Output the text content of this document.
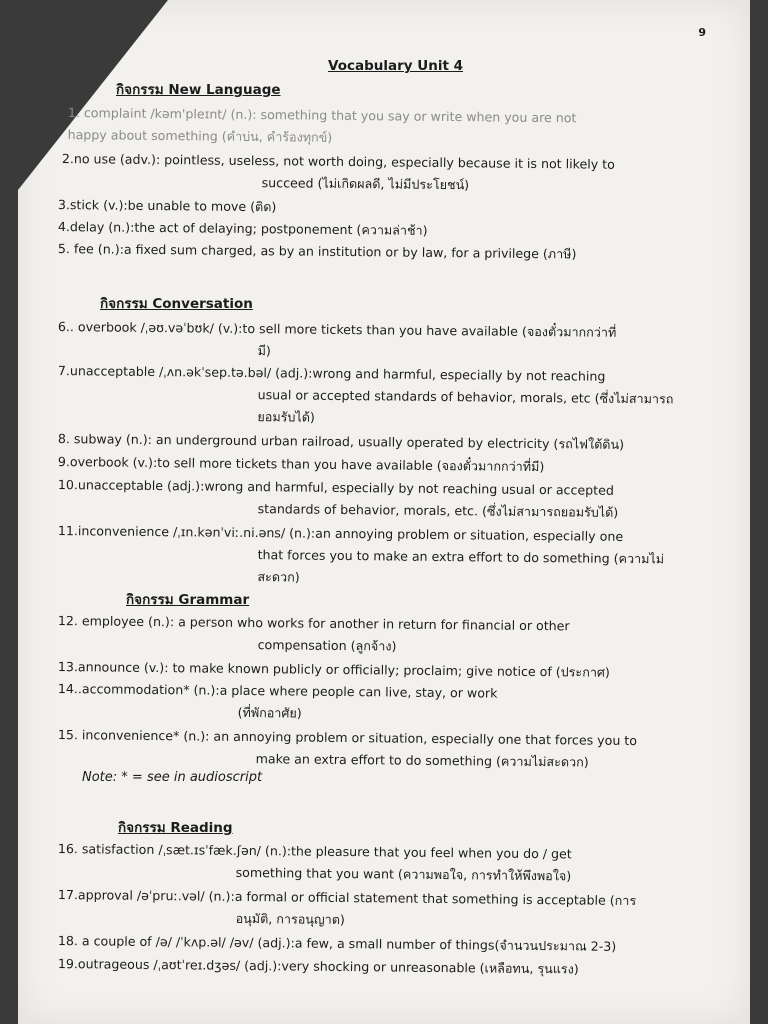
9
Vocabulary Unit 4
กิจกรรม New Language
1. complaint /kəm'pleɪnt/ (n.): something that you say or write when you are not
happy about something (คำบ่น, คำร้องทุกข์)
2.no use (adv.): pointless, useless, not worth doing, especially because it is not likely to
succeed (ไม่เกิดผลดี, ไม่มีประโยชน์)
3.stick (v.):be unable to move (ติด)
4.delay (n.):the act of delaying; postponement (ความล่าช้า)
5. fee (n.):a fixed sum charged, as by an institution or by law, for a privilege (ภาษี)
กิจกรรม Conversation
6.. overbook /ˌəʊ.vəˈbʊk/ (v.):to sell more tickets than you have available (จองตั๋วมากกว่าที่
มี)
7.unacceptable /ˌʌn.əkˈsep.tə.bəl/ (adj.):wrong and harmful, especially by not reaching
usual or accepted standards of behavior, morals, etc (ซึ่งไม่สามารถ
ยอมรับได้)
8. subway (n.): an underground urban railroad, usually operated by electricity (รถไฟใต้ดิน)
9.overbook (v.):to sell more tickets than you have available (จองตั๋วมากกว่าที่มี)
10.unacceptable (adj.):wrong and harmful, especially by not reaching usual or accepted
standards of behavior, morals, etc. (ซึ่งไม่สามารถยอมรับได้)
11.inconvenience /ˌɪn.kənˈviː.ni.əns/ (n.):an annoying problem or situation, especially one
that forces you to make an extra effort to do something (ความไม่
สะดวก)
กิจกรรม Grammar
12. employee (n.): a person who works for another in return for financial or other
compensation (ลูกจ้าง)
13.announce (v.): to make known publicly or officially; proclaim; give notice of (ประกาศ)
14..accommodation* (n.):a place where people can live, stay, or work
(ที่พักอาศัย)
15. inconvenience* (n.): an annoying problem or situation, especially one that forces you to
make an extra effort to do something (ความไม่สะดวก)
Note: * = see in audioscript
กิจกรรม Reading
16. satisfaction /ˌsæt.ɪsˈfæk.ʃən/ (n.):the pleasure that you feel when you do / get
something that you want (ความพอใจ, การทำให้พึงพอใจ)
17.approval /əˈpruː.vəl/ (n.):a formal or official statement that something is acceptable (การ
อนุมัติ, การอนุญาต)
18. a couple of /ə/ /ˈkʌp.əl/ /əv/ (adj.):a few, a small number of things(จำนวนประมาณ 2-3)
19.outrageous /ˌaʊtˈreɪ.dʒəs/ (adj.):very shocking or unreasonable (เหลือทน, รุนแรง)
